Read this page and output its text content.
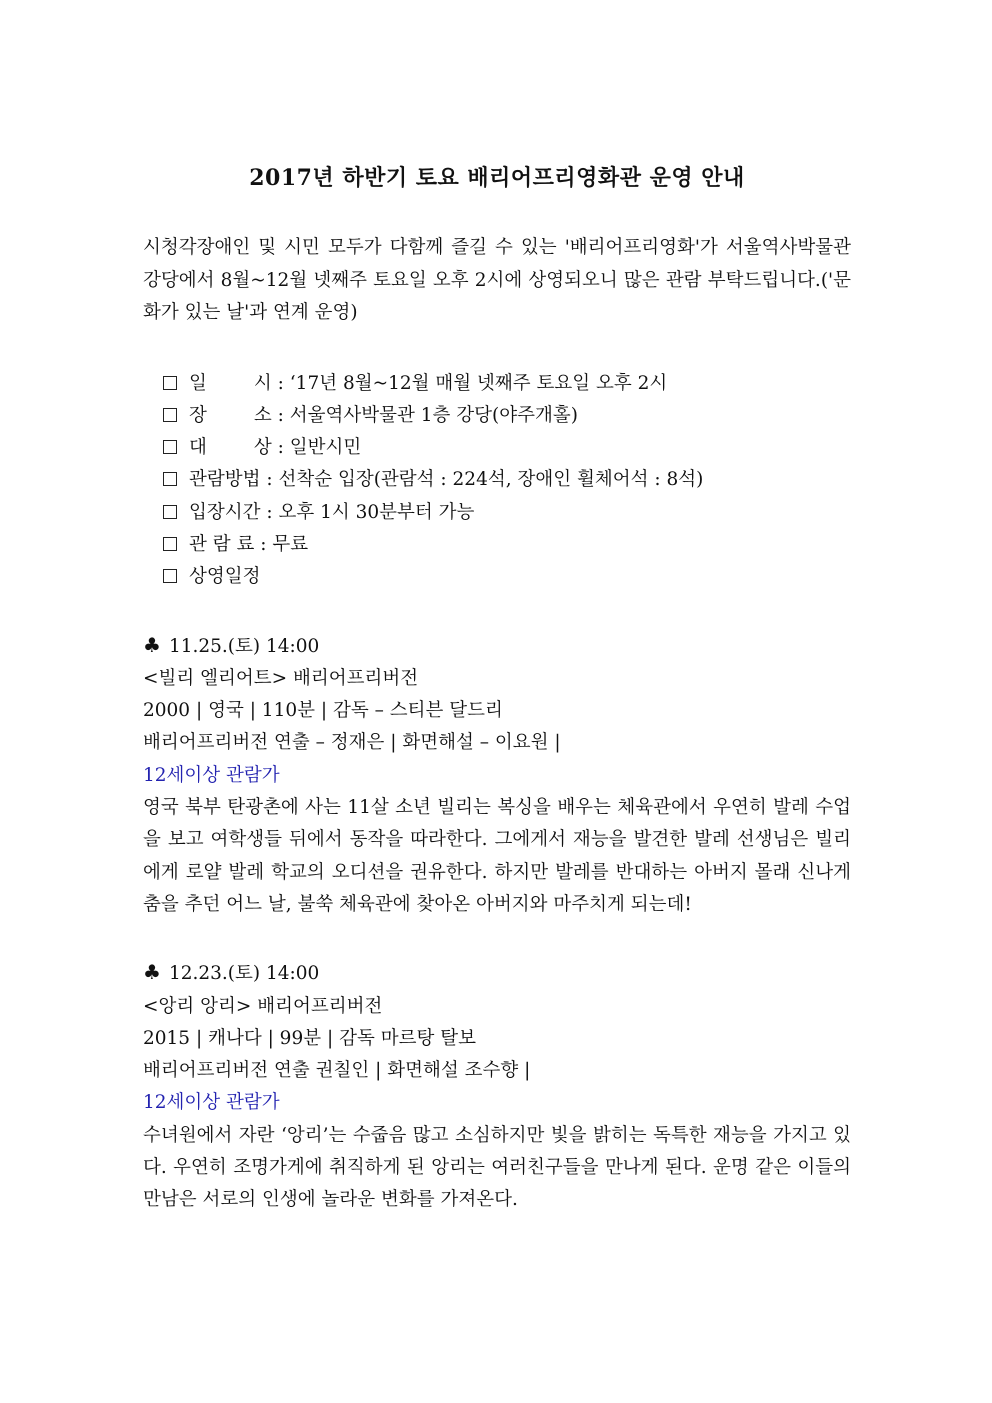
2017년 하반기 토요 배리어프리영화관 운영 안내

시청각장애인 및 시민 모두가 다함께 즐길 수 있는 '배리어프리영화'가 서울역사박물관 강당에서 8월~12월 넷째주 토요일 오후 2시에 상영되오니 많은 관람 부탁드립니다.('문화가 있는 날'과 연계 운영)

일        시 : ‘17년 8월~12월 매월 넷째주 토요일 오후 2시
장        소 : 서울역사박물관 1층 강당(야주개홀)
대        상 : 일반시민
관람방법 : 선착순 입장(관람석 : 224석, 장애인 휠체어석 : 8석)
입장시간 : 오후 1시 30분부터 가능
관 람 료 : 무료
상영일정
♣ 11.25.(토) 14:00
<빌리 엘리어트> 배리어프리버전
2000 | 영국 | 110분 | 감독 – 스티븐 달드리
배리어프리버전 연출 – 정재은 | 화면해설 – 이요원 |
12세이상 관람가

영국 북부 탄광촌에 사는 11살 소년 빌리는 복싱을 배우는 체육관에서 우연히 발레 수업을 보고 여학생들 뒤에서 동작을 따라한다. 그에게서 재능을 발견한 발레 선생님은 빌리에게 로얄 발레 학교의 오디션을 권유한다. 하지만 발레를 반대하는 아버지 몰래 신나게 춤을 추던 어느 날, 불쑥 체육관에 찾아온 아버지와 마주치게 되는데!

♣ 12.23.(토) 14:00
<앙리 앙리> 배리어프리버전
2015 | 캐나다 | 99분 | 감독 마르탕 탈보
배리어프리버전 연출 권칠인 | 화면해설 조수향 |
12세이상 관람가

수녀원에서 자란 ‘앙리’는 수줍음 많고 소심하지만 빛을 밝히는 독특한 재능을 가지고 있다. 우연히 조명가게에 취직하게 된 앙리는 여러친구들을 만나게 된다. 운명 같은 이들의 만남은 서로의 인생에 놀라운 변화를 가져온다.
